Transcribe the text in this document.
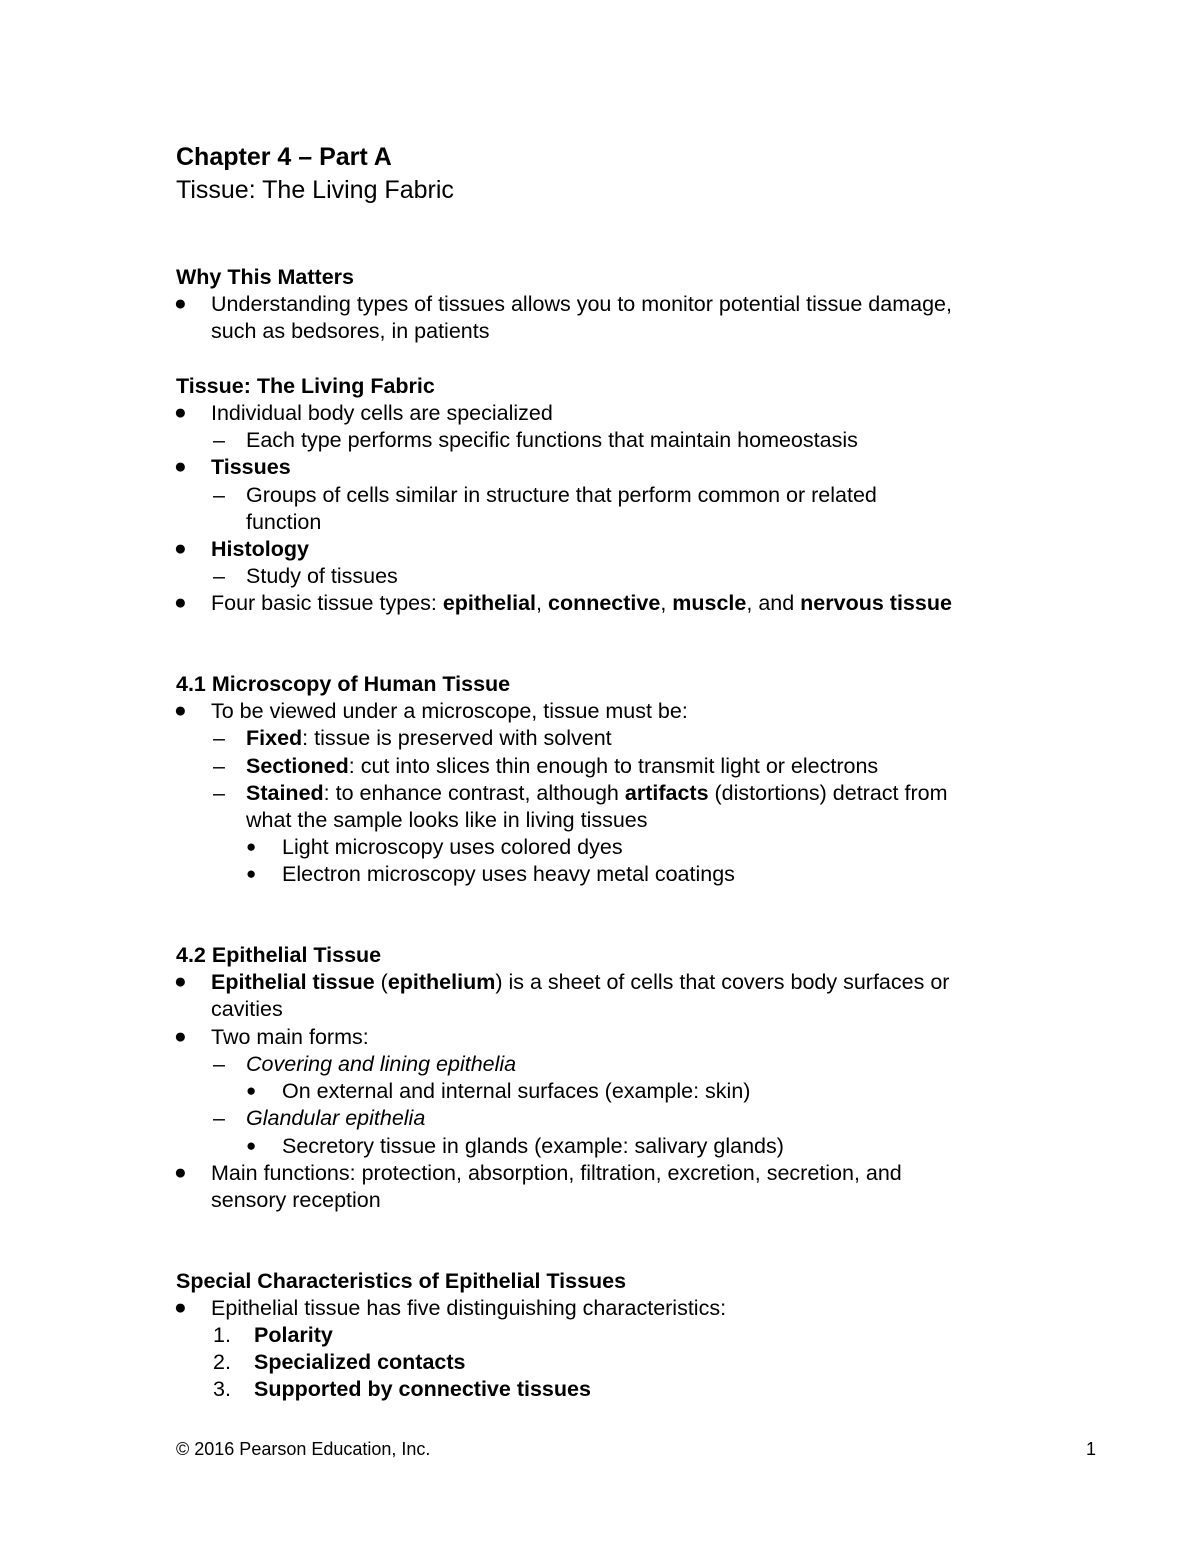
Chapter 4 – Part A
Tissue: The Living Fabric
Why This Matters
● Understanding types of tissues allows you to monitor potential tissue damage,
such as bedsores, in patients
Tissue: The Living Fabric
● Individual body cells are specialized
– Each type performs specific functions that maintain homeostasis
● Tissues
– Groups of cells similar in structure that perform common or related
function
● Histology
– Study of tissues
● Four basic tissue types: epithelial, connective, muscle, and nervous tissue
4.1 Microscopy of Human Tissue
● To be viewed under a microscope, tissue must be:
– Fixed: tissue is preserved with solvent
– Sectioned: cut into slices thin enough to transmit light or electrons
– Stained: to enhance contrast, although artifacts (distortions) detract from
what the sample looks like in living tissues
● Light microscopy uses colored dyes
● Electron microscopy uses heavy metal coatings
4.2 Epithelial Tissue
● Epithelial tissue (epithelium) is a sheet of cells that covers body surfaces or
cavities
● Two main forms:
– Covering and lining epithelia
● On external and internal surfaces (example: skin)
– Glandular epithelia
● Secretory tissue in glands (example: salivary glands)
● Main functions: protection, absorption, filtration, excretion, secretion, and
sensory reception
Special Characteristics of Epithelial Tissues
● Epithelial tissue has five distinguishing characteristics:
1. Polarity
2. Specialized contacts
3. Supported by connective tissues
© 2016 Pearson Education, Inc.	1
